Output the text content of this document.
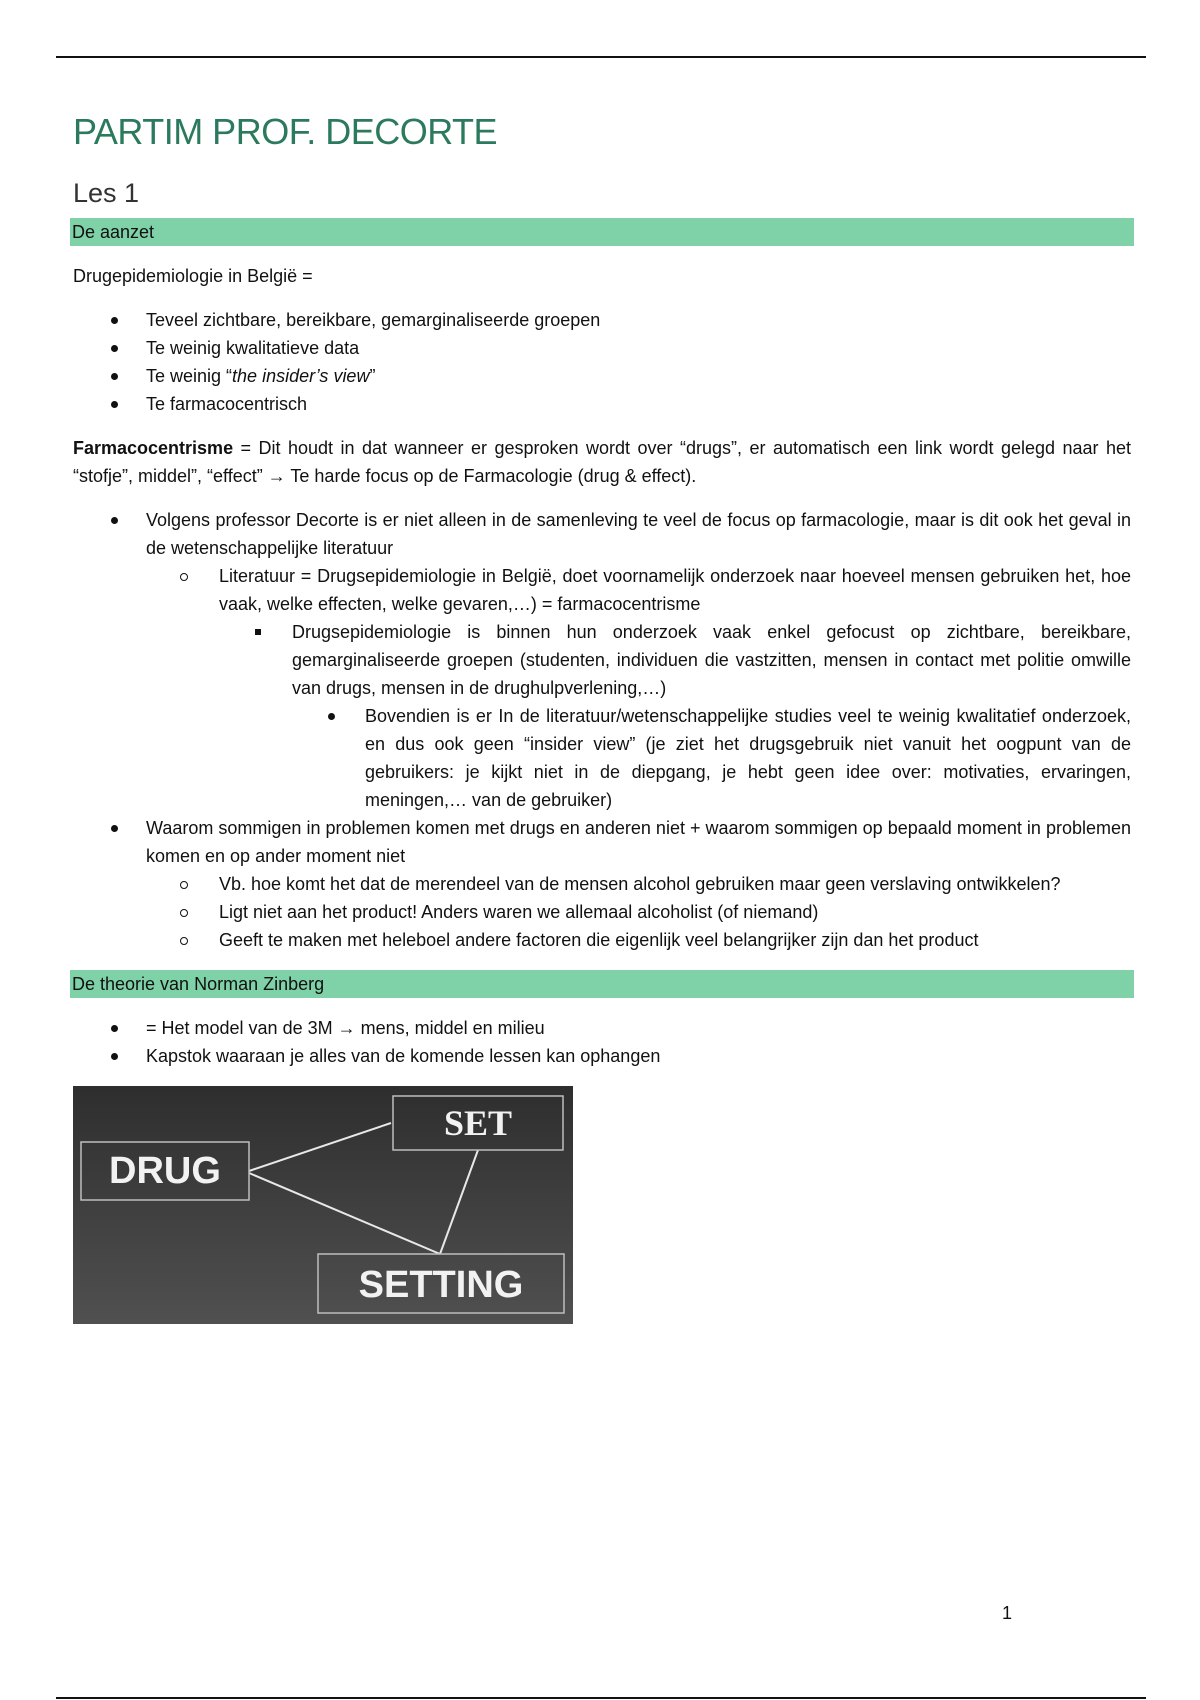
PARTIM PROF. DECORTE
Les 1
De aanzet

Drugepidemiologie in België =

Teveel zichtbare, bereikbare, gemarginaliseerde groepen
Te weinig kwalitatieve data
Te weinig “the insider’s view”
Te farmacocentrisch

Farmacocentrisme = Dit houdt in dat wanneer er gesproken wordt over “drugs”, er automatisch een link wordt gelegd naar het “stofje”, middel”, “effect” → Te harde focus op de Farmacologie (drug & effect).

Volgens professor Decorte is er niet alleen in de samenleving te veel de focus op farmacologie, maar is dit ook het geval in de wetenschappelijke literatuur
Literatuur = Drugsepidemiologie in België, doet voornamelijk onderzoek naar hoeveel mensen gebruiken het, hoe vaak, welke effecten, welke gevaren,…) = farmacocentrisme
Drugsepidemiologie is binnen hun onderzoek vaak enkel gefocust op zichtbare, bereikbare, gemarginaliseerde groepen (studenten, individuen die vastzitten, mensen in contact met politie omwille van drugs, mensen in de drughulpverlening,…)
Bovendien is er In de literatuur/wetenschappelijke studies veel te weinig kwalitatief onderzoek, en dus ook geen “insider view” (je ziet het drugsgebruik niet vanuit het oogpunt van de gebruikers: je kijkt niet in de diepgang, je hebt geen idee over: motivaties, ervaringen, meningen,… van de gebruiker)
Waarom sommigen in problemen komen met drugs en anderen niet + waarom sommigen op bepaald moment in problemen komen en op ander moment niet
Vb. hoe komt het dat de merendeel van de mensen alcohol gebruiken maar geen verslaving ontwikkelen?
Ligt niet aan het product! Anders waren we allemaal alcoholist (of niemand)
Geeft te maken met heleboel andere factoren die eigenlijk veel belangrijker zijn dan het product
De theorie van Norman Zinberg
= Het model van de 3M → mens, middel en milieu
Kapstok waaraan je alles van de komende lessen kan ophangen
DRUG
SET
SETTING
1
